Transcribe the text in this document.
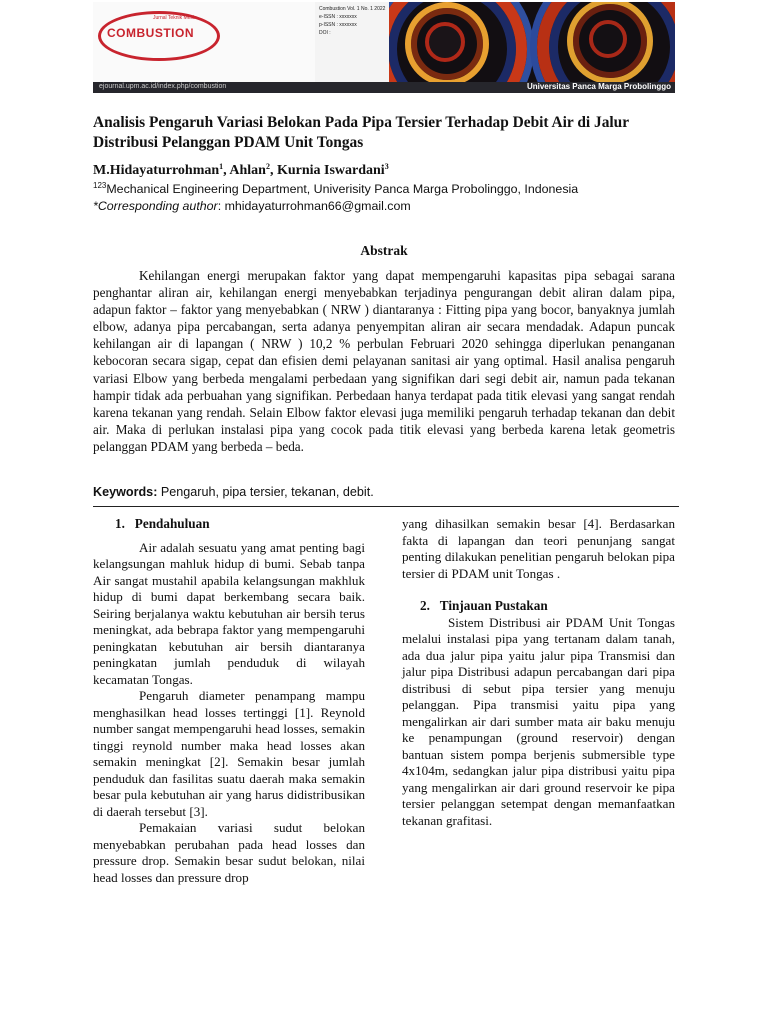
Jurnal Teknik Mesin
COMBUSTION
Combustion Vol. 1 No. 1 2022
e-ISSN : xxxxxxx
p-ISSN : xxxxxxx
DOI :
ejournal.upm.ac.id/index.php/combustion	Universitas Panca Marga Probolinggo
Analisis Pengaruh Variasi Belokan Pada Pipa Tersier Terhadap Debit Air di Jalur Distribusi Pelanggan PDAM Unit Tongas
M.Hidayaturrohman$^1$, Ahlan$^2$, Kurnia Iswardani$^3$
$^{123}$Mechanical Engineering Department, Univerisity Panca Marga Probolinggo, Indonesia
*Corresponding author: mhidayaturrohman66@gmail.com
Abstrak

Kehilangan energi merupakan faktor yang dapat mempengaruhi kapasitas pipa sebagai sarana penghantar aliran air, kehilangan energi menyebabkan terjadinya pengurangan debit aliran dalam pipa, adapun faktor – faktor yang menyebabkan ( NRW ) diantaranya : Fitting pipa yang bocor, banyaknya jumlah elbow, adanya pipa percabangan, serta adanya penyempitan aliran air secara mendadak. Adapun puncak kehilangan air di lapangan ( NRW ) 10,2 % perbulan Februari 2020 sehingga diperlukan penanganan kebocoran secara sigap, cepat dan efisien demi pelayanan sanitasi air yang optimal. Hasil analisa pengaruh variasi Elbow yang berbeda mengalami perbedaan yang signifikan dari segi debit air, namun pada tekanan hampir tidak ada perbuahan yang signifikan. Perbedaan hanya terdapat pada titik elevasi yang sangat rendah karena tekanan yang rendah. Selain Elbow faktor elevasi juga memiliki pengaruh terhadap tekanan dan debit air. Maka di perlukan instalasi pipa yang cocok pada titik elevasi yang berbeda karena letak geometris pelanggan PDAM yang berbeda – beda.

Keywords: Pengaruh, pipa tersier, tekanan, debit.
1.   Pendahuluan

Air adalah sesuatu yang amat penting bagi kelangsungan mahluk hidup di bumi. Sebab tanpa Air sangat mustahil apabila kelangsungan makhluk hidup di bumi dapat berkembang secara baik. Seiring berjalanya waktu kebutuhan air bersih terus meningkat, ada bebrapa faktor yang mempengaruhi peningkatan kebutuhan air bersih diantaranya peningkatan jumlah penduduk di wilayah kecamatan Tongas.

Pengaruh diameter penampang mampu menghasilkan head losses tertinggi [1]. Reynold number sangat mempengaruhi head losses, semakin tinggi reynold number maka head losses akan semakin meningkat [2]. Semakin besar jumlah penduduk dan fasilitas suatu daerah maka semakin besar pula kebutuhan air yang harus didistribusikan di daerah tersebut [3].

Pemakaian variasi sudut belokan menyebabkan perubahan pada head losses dan pressure drop. Semakin besar sudut belokan, nilai head losses dan pressure drop

yang dihasilkan semakin besar [4]. Berdasarkan fakta di lapangan dan teori penunjang sangat penting dilakukan penelitian pengaruh belokan pipa tersier di PDAM unit Tongas .

2.   Tinjauan Pustakan

Sistem Distribusi air PDAM Unit Tongas melalui instalasi pipa yang tertanam dalam tanah, ada dua jalur pipa yaitu jalur pipa Transmisi dan jalur pipa Distribusi adapun percabangan dari pipa distribusi di sebut pipa tersier yang menuju pelanggan. Pipa transmisi yaitu pipa yang mengalirkan air dari sumber mata air baku menuju ke penampungan (ground reservoir) dengan bantuan sistem pompa berjenis submersible type 4x104m, sedangkan jalur pipa distribusi yaitu pipa yang mengalirkan air dari ground reservoir ke pipa tersier pelanggan setempat dengan memanfaatkan tekanan grafitasi.
